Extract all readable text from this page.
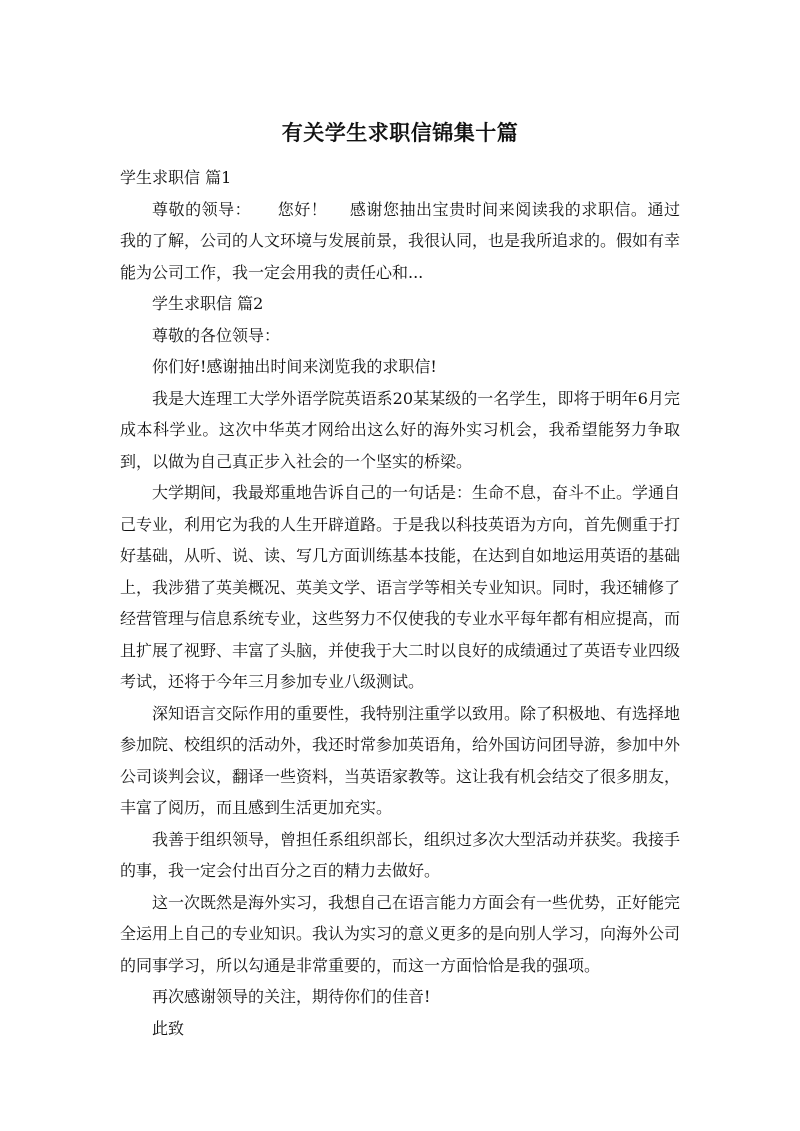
有关学生求职信锦集十篇

学生求职信 篇1

尊敬的领导： 您好！ 感谢您抽出宝贵时间来阅读我的求职信。通过我的了解，公司的人文环境与发展前景，我很认同，也是我所追求的。假如有幸能为公司工作，我一定会用我的责任心和...

学生求职信 篇2

尊敬的各位领导：

你们好!感谢抽出时间来浏览我的求职信!

我是大连理工大学外语学院英语系20某某级的一名学生，即将于明年6月完成本科学业。这次中华英才网给出这么好的海外实习机会，我希望能努力争取到，以做为自己真正步入社会的一个坚实的桥梁。

大学期间，我最郑重地告诉自己的一句话是：生命不息，奋斗不止。学通自己专业，利用它为我的人生开辟道路。于是我以科技英语为方向，首先侧重于打好基础，从听、说、读、写几方面训练基本技能，在达到自如地运用英语的基础上，我涉猎了英美概况、英美文学、语言学等相关专业知识。同时，我还辅修了经营管理与信息系统专业，这些努力不仅使我的专业水平每年都有相应提高，而且扩展了视野、丰富了头脑，并使我于大二时以良好的成绩通过了英语专业四级考试，还将于今年三月参加专业八级测试。

深知语言交际作用的重要性，我特别注重学以致用。除了积极地、有选择地参加院、校组织的活动外，我还时常参加英语角，给外国访问团导游，参加中外公司谈判会议，翻译一些资料，当英语家教等。这让我有机会结交了很多朋友，丰富了阅历，而且感到生活更加充实。

我善于组织领导，曾担任系组织部长，组织过多次大型活动并获奖。我接手的事，我一定会付出百分之百的精力去做好。

这一次既然是海外实习，我想自己在语言能力方面会有一些优势，正好能完全运用上自己的专业知识。我认为实习的意义更多的是向别人学习，向海外公司的同事学习，所以勾通是非常重要的，而这一方面恰恰是我的强项。

再次感谢领导的关注，期待你们的佳音!

此致
